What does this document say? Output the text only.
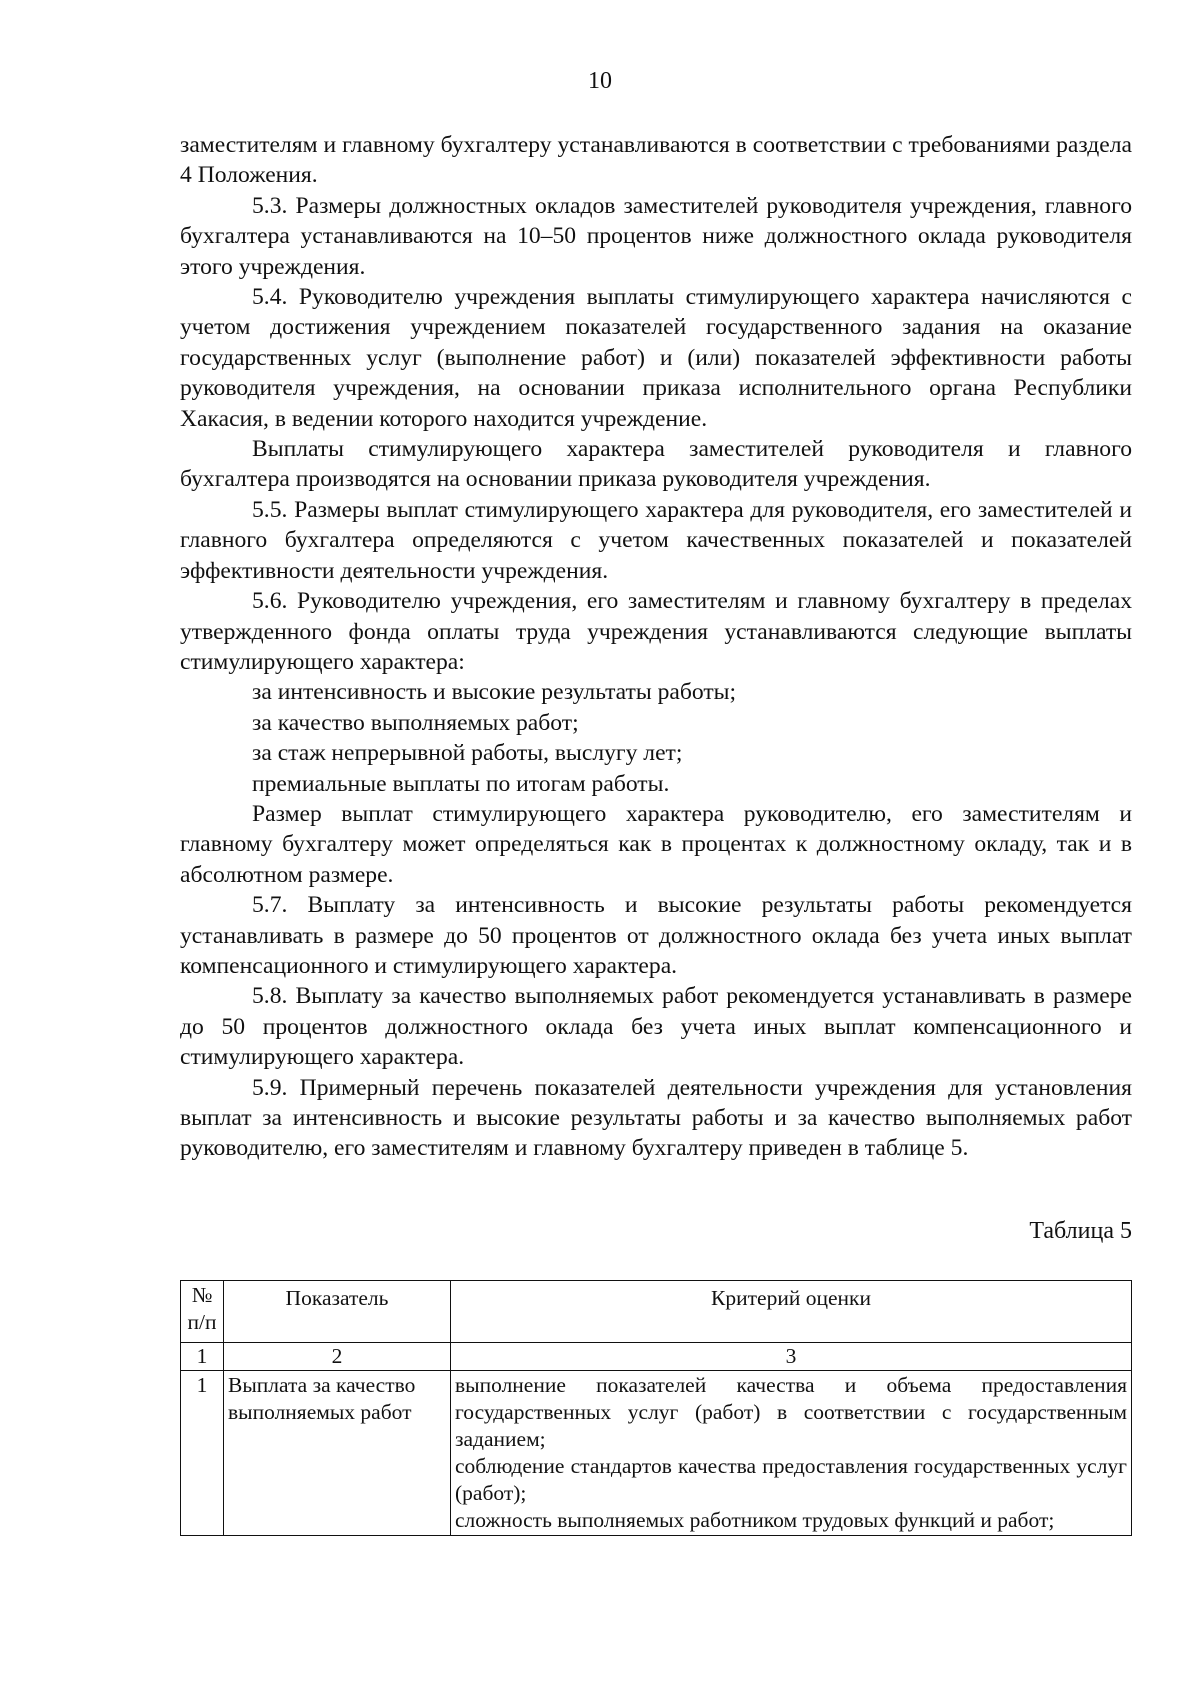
10

заместителям и главному бухгалтеру устанавливаются в соответствии с требованиями раздела 4 Положения.

5.3. Размеры должностных окладов заместителей руководителя учреждения, главного бухгалтера устанавливаются на 10–50 процентов ниже должностного оклада руководителя этого учреждения.

5.4. Руководителю учреждения выплаты стимулирующего характера начисляются с учетом достижения учреждением показателей государственного задания на оказание государственных услуг (выполнение работ) и (или) показателей эффективности работы руководителя учреждения, на основании приказа исполнительного органа Республики Хакасия, в ведении которого находится учреждение.

Выплаты стимулирующего характера заместителей руководителя и главного бухгалтера производятся на основании приказа руководителя учреждения.

5.5. Размеры выплат стимулирующего характера для руководителя, его заместителей и главного бухгалтера определяются с учетом качественных показателей и показателей эффективности деятельности учреждения.

5.6. Руководителю учреждения, его заместителям и главному бухгалтеру в пределах утвержденного фонда оплаты труда учреждения устанавливаются следующие выплаты стимулирующего характера:

за интенсивность и высокие результаты работы;

за качество выполняемых работ;

за стаж непрерывной работы, выслугу лет;

премиальные выплаты по итогам работы.

Размер выплат стимулирующего характера руководителю, его заместителям и главному бухгалтеру может определяться как в процентах к должностному окладу, так и в абсолютном размере.

5.7. Выплату за интенсивность и высокие результаты работы рекомендуется устанавливать в размере до 50 процентов от должностного оклада без учета иных выплат компенсационного и стимулирующего характера.

5.8. Выплату за качество выполняемых работ рекомендуется устанавливать в размере до 50 процентов должностного оклада без учета иных выплат компенсационного и стимулирующего характера.

5.9. Примерный перечень показателей деятельности учреждения для установления выплат за интенсивность и высокие результаты работы и за качество выполняемых работ руководителю, его заместителям и главному бухгалтеру приведен в таблице 5.

Таблица 5
№ п/п	Показатель	Критерий оценки
1	2	3
1	Выплата за качество выполняемых работ	выполнение показателей качества и объема предоставления государственных услуг (работ) в соответствии с государственным заданием;
соблюдение стандартов качества предоставления государственных услуг (работ);
сложность выполняемых работником трудовых функций и работ;
